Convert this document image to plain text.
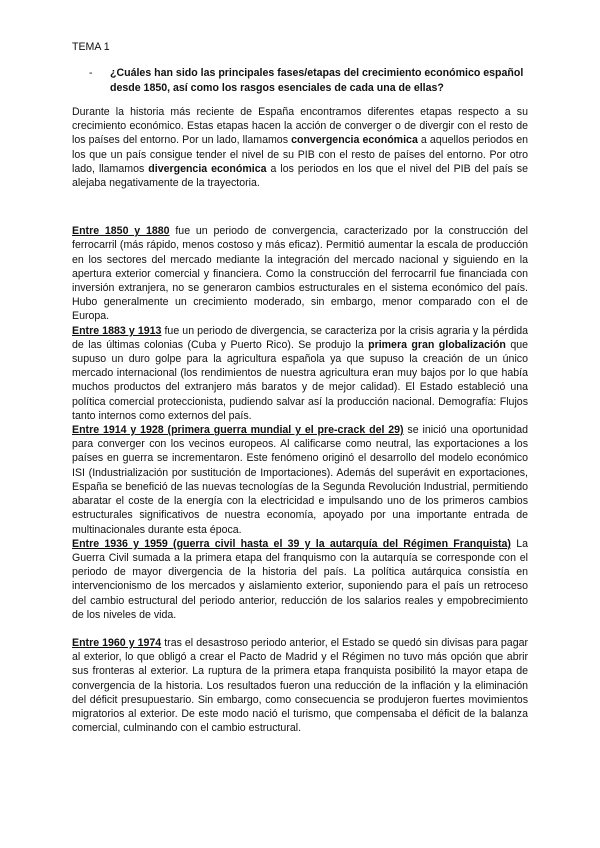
TEMA 1
- ¿Cuáles han sido las principales fases/etapas del crecimiento económico español desde 1850, así como los rasgos esenciales de cada una de ellas?

Durante la historia más reciente de España encontramos diferentes etapas respecto a su crecimiento económico. Estas etapas hacen la acción de converger o de divergir con el resto de los países del entorno. Por un lado, llamamos convergencia económica a aquellos periodos en los que un país consigue tender el nivel de su PIB con el resto de países del entorno. Por otro lado, llamamos divergencia económica a los periodos en los que el nivel del PIB del país se alejaba negativamente de la trayectoria.

Entre 1850 y 1880 fue un periodo de convergencia, caracterizado por la construcción del ferrocarril (más rápido, menos costoso y más eficaz). Permitió aumentar la escala de producción en los sectores del mercado mediante la integración del mercado nacional y siguiendo en la apertura exterior comercial y financiera. Como la construcción del ferrocarril fue financiada con inversión extranjera, no se generaron cambios estructurales en el sistema económico del país. Hubo generalmente un crecimiento moderado, sin embargo, menor comparado con el de Europa.

Entre 1883 y 1913 fue un periodo de divergencia, se caracteriza por la crisis agraria y la pérdida de las últimas colonias (Cuba y Puerto Rico). Se produjo la primera gran globalización que supuso un duro golpe para la agricultura española ya que supuso la creación de un único mercado internacional (los rendimientos de nuestra agricultura eran muy bajos por lo que había muchos productos del extranjero más baratos y de mejor calidad). El Estado estableció una política comercial proteccionista, pudiendo salvar así la producción nacional. Demografía: Flujos tanto internos como externos del país.

Entre 1914 y 1928 (primera guerra mundial y el pre-crack del 29) se inició una oportunidad para converger con los vecinos europeos. Al calificarse como neutral, las exportaciones a los países en guerra se incrementaron. Este fenómeno originó el desarrollo del modelo económico ISI (Industrialización por sustitución de Importaciones). Además del superávit en exportaciones, España se benefició de las nuevas tecnologías de la Segunda Revolución Industrial, permitiendo abaratar el coste de la energía con la electricidad e impulsando uno de los primeros cambios estructurales significativos de nuestra economía, apoyado por una importante entrada de multinacionales durante esta época.

Entre 1936 y 1959 (guerra civil hasta el 39 y la autarquía del Régimen Franquista) La Guerra Civil sumada a la primera etapa del franquismo con la autarquía se corresponde con el periodo de mayor divergencia de la historia del país. La política autárquica consistía en intervencionismo de los mercados y aislamiento exterior, suponiendo para el país un retroceso del cambio estructural del periodo anterior, reducción de los salarios reales y empobrecimiento de los niveles de vida.

Entre 1960 y 1974 tras el desastroso periodo anterior, el Estado se quedó sin divisas para pagar al exterior, lo que obligó a crear el Pacto de Madrid y el Régimen no tuvo más opción que abrir sus fronteras al exterior. La ruptura de la primera etapa franquista posibilitó la mayor etapa de convergencia de la historia. Los resultados fueron una reducción de la inflación y la eliminación del déficit presupuestario. Sin embargo, como consecuencia se produjeron fuertes movimientos migratorios al exterior. De este modo nació el turismo, que compensaba el déficit de la balanza comercial, culminando con el cambio estructural.
